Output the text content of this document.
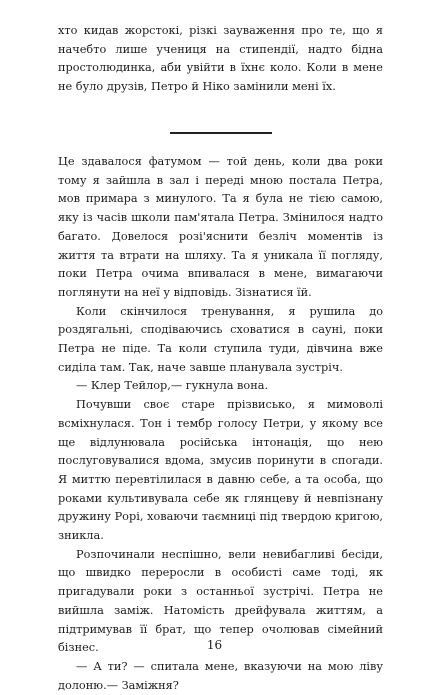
хто кидав жорстокі, різкі зауваження про те, що я начебто лише учениця на стипендії, надто бідна простолюдинка, аби увійти в їхнє коло. Коли в мене не було друзів, Петро й Ніко замінили мені їх.

Це здавалося фатумом — той день, коли два роки тому я зайшла в зал і переді мною постала Петра, мов примара з минулого. Та я була не тією самою, яку із часів школи пам'ятала Петра. Змінилося надто багато. Довелося розі'яснити безліч моментів із життя та втрати на шляху. Та я уникала її погляду, поки Петра очима впивалася в мене, вимагаючи поглянути на неї у відповідь. Зізнатися їй.

Коли скінчилося тренування, я рушила до роздягальні, сподіваючись сховатися в сауні, поки Петра не піде. Та коли ступила туди, дівчина вже сиділа там. Так, наче завше планувала зустріч.

— Клер Тейлор,— гукнула вона.

Почувши своє старе прізвисько, я мимоволі всміхнулася. Тон і тембр голосу Петри, у якому все ще відлунювала російська інтонація, що нею послуговувалися вдома, змусив поринути в спогади. Я миттю перевтілилася в давню себе, а та особа, що роками культивувала себе як глянцеву й невпізнану дружину Рорі, ховаючи таємниці під твердою кригою, зникла.

Розпочинали неспішно, вели невибагливі бесіди, що швидко переросли в особисті саме тоді, як пригадували роки з останньої зустрічі. Петра не вийшла заміж. Натомість дрейфувала життям, а підтримував її брат, що тепер очолював сімейний бізнес.

— А ти? — спитала мене, вказуючи на мою ліву долоню.— Заміжня?

16
